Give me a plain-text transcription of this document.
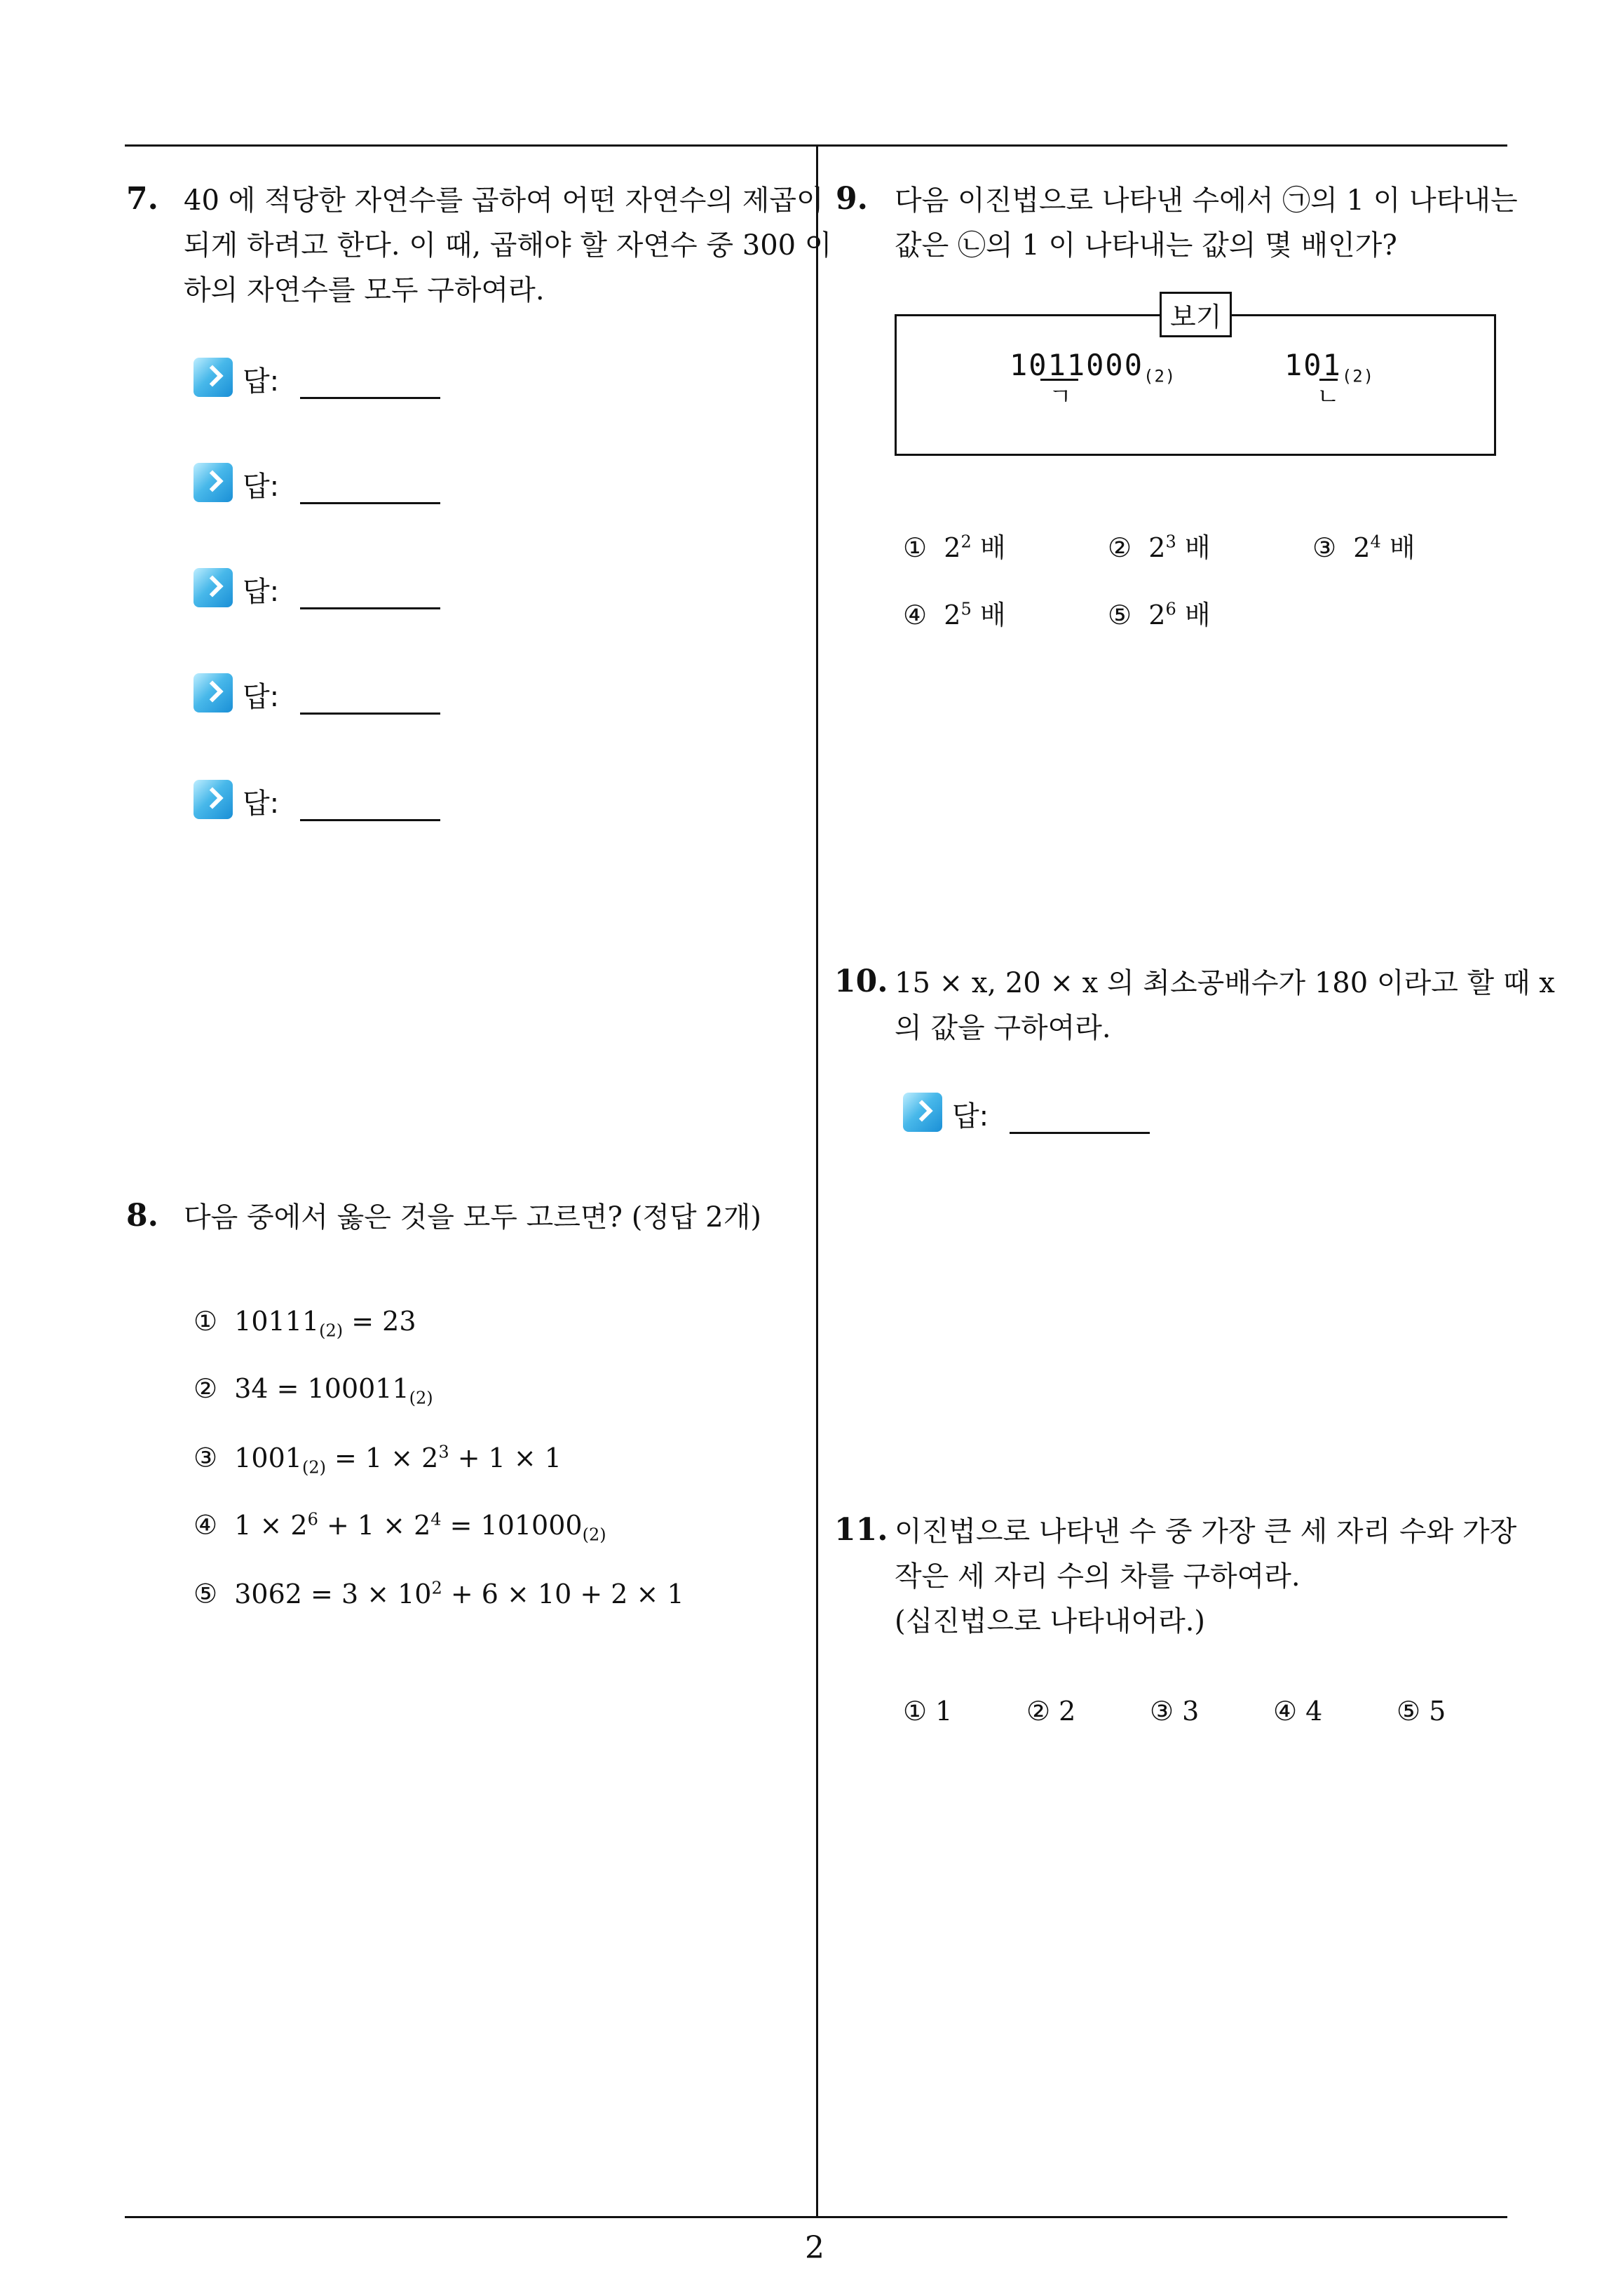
7. 40 에 적당한 자연수를 곱하여 어떤 자연수의 제곱이
되게 하려고 한다. 이 때, 곱해야 할 자연수 중 300 이
하의 자연수를 모두 구하여라.
답:
답:
답:
답:
답:
8. 다음 중에서 옳은 것을 모두 고르면? (정답 2개)
① $10111_{(2)} = 23$
② $34 = 100011_{(2)}$
③ $1001_{(2)} = 1 \times 2^3 + 1 \times 1$
④ $1 \times 2^6 + 1 \times 2^4 = 101000_{(2)}$
⑤ $3062 = 3 \times 10^2 + 6 \times 10 + 2 \times 1$
9. 다음 이진법으로 나타낸 수에서 ㉠의 1 이 나타내는
값은 ㉡의 1 이 나타내는 값의 몇 배인가?
보기
$1011000_{(2)}$
ㄱ
$101_{(2)}$
ㄴ
① $2^2$ 배	② $2^3$ 배	③ $2^4$ 배
④ $2^5$ 배	⑤ $2^6$ 배
10. 15 × x, 20 × x 의 최소공배수가 180 이라고 할 때 x
의 값을 구하여라.
답:
11. 이진법으로 나타낸 수 중 가장 큰 세 자리 수와 가장
작은 세 자리 수의 차를 구하여라.
(십진법으로 나타내어라.)
① 1	② 2	③ 3	④ 4	⑤ 5
2
